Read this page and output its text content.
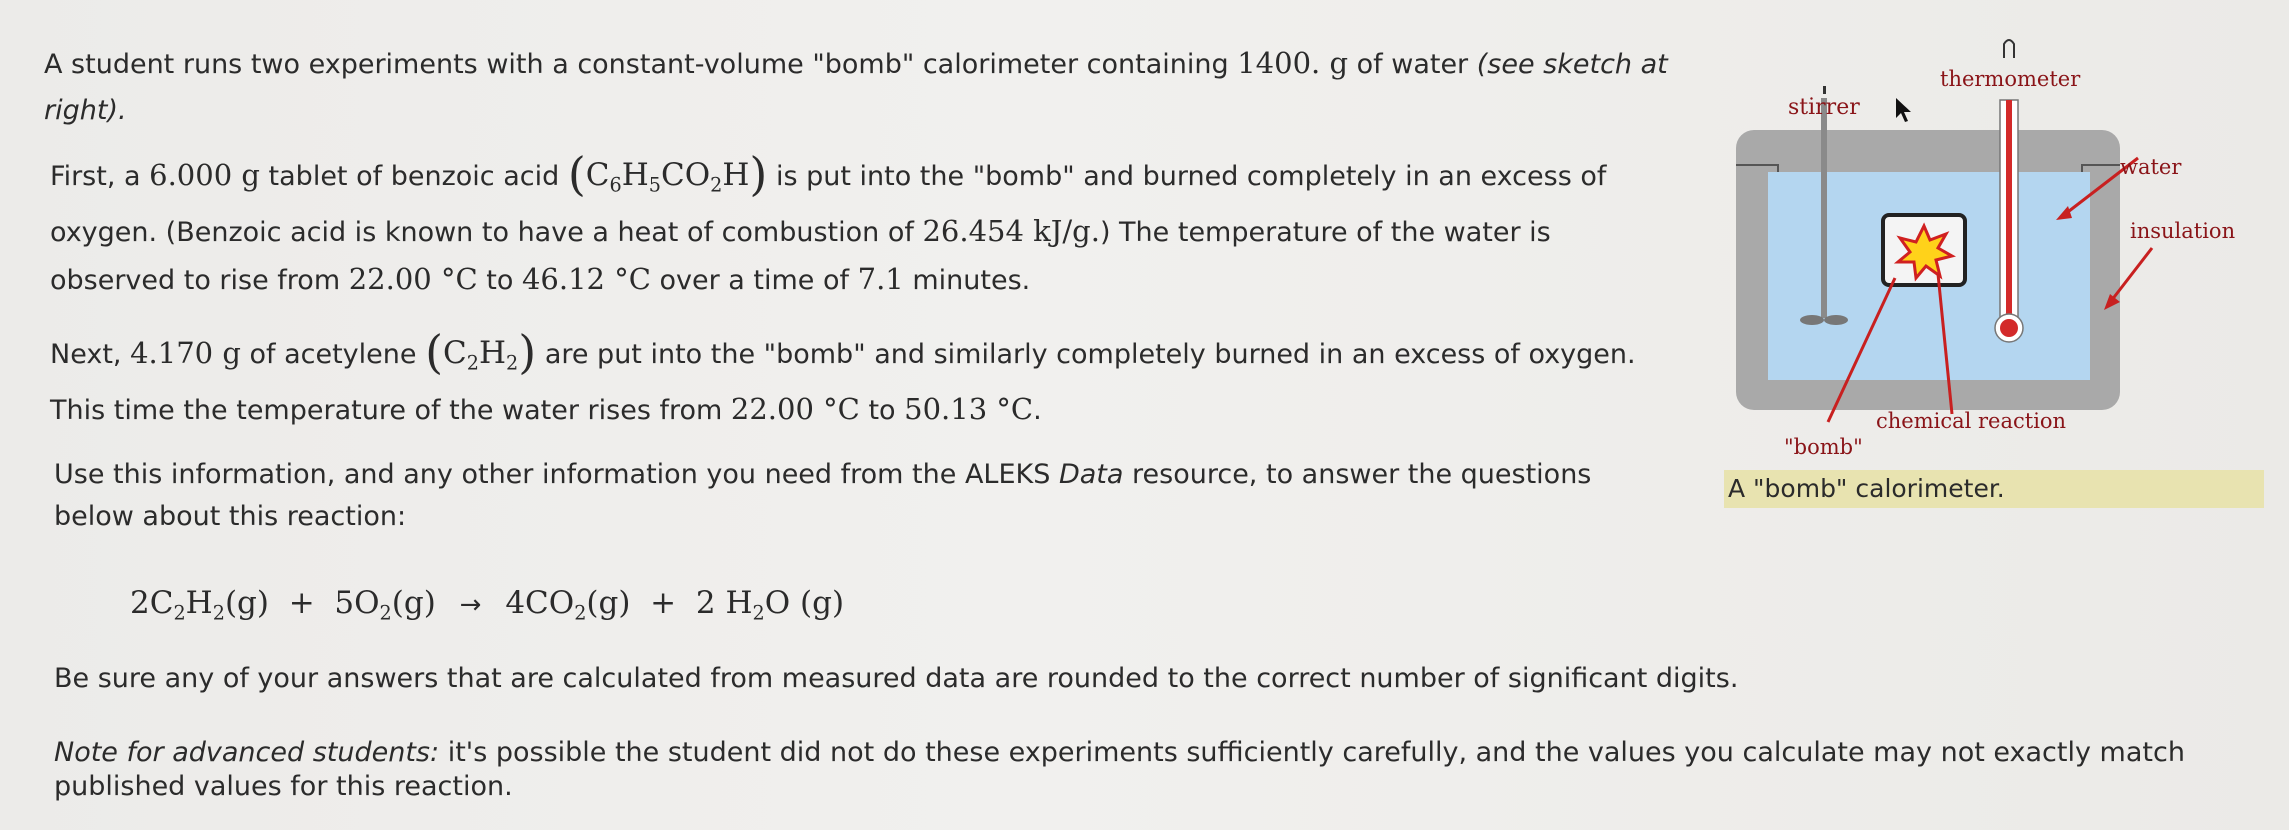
A student runs two experiments with a constant-volume "bomb" calorimeter containing 1400. g of water (see sketch at

right).

First, a 6.000 g tablet of benzoic acid $(C_6H_5CO_2H)$ is put into the "bomb" and burned completely in an excess of

oxygen. (Benzoic acid is known to have a heat of combustion of 26.454 kJ/g.) The temperature of the water is

observed to rise from 22.00 °C to 46.12 °C over a time of 7.1 minutes.

Next, 4.170 g of acetylene $(C_2H_2)$ are put into the "bomb" and similarly completely burned in an excess of oxygen.

This time the temperature of the water rises from 22.00 °C to 50.13 °C.

Use this information, and any other information you need from the ALEKS Data resource, to answer the questions

below about this reaction:

$2C_2H_2(g) + 5O_2(g) \to 4CO_2(g) + 2$ $H_2O$ (g)

Be sure any of your answers that are calculated from measured data are rounded to the correct number of significant digits.

Note for advanced students: it's possible the student did not do these experiments sufficiently carefully, and the values you calculate may not exactly match

published values for this reaction.

stirrer
thermometer
water
insulation
chemical reaction
"bomb"
A "bomb" calorimeter.
